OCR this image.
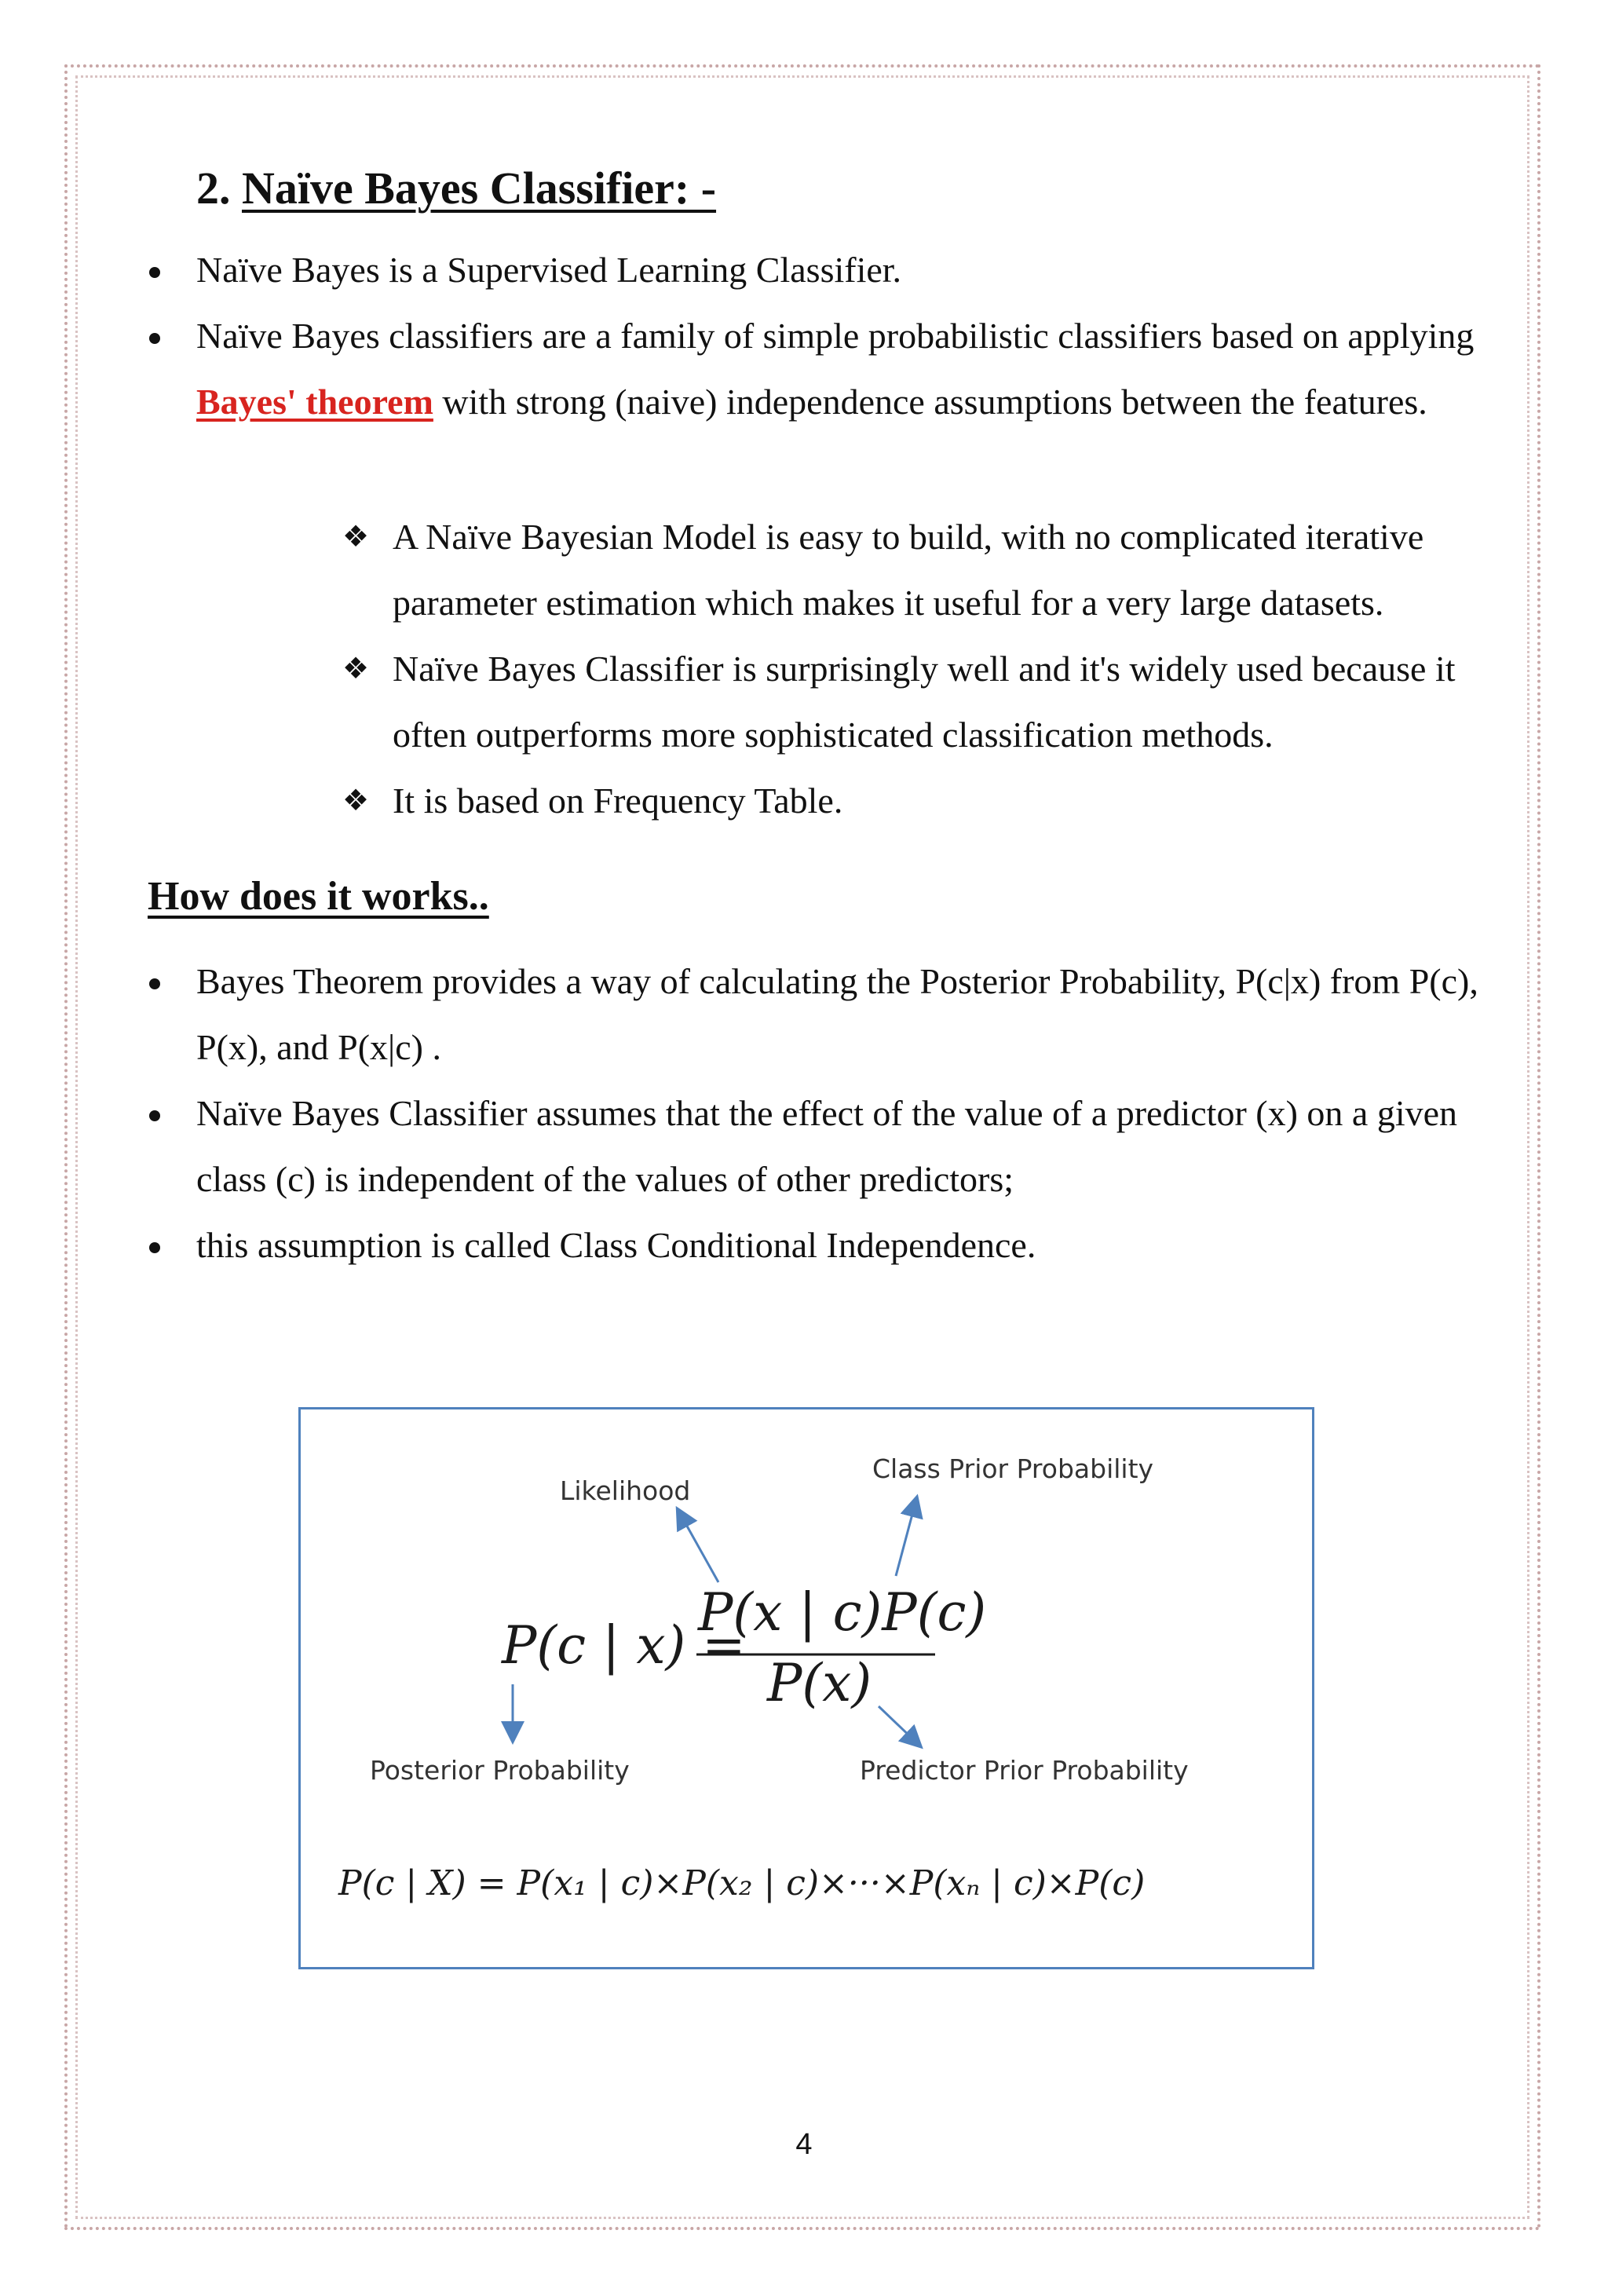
2. Naïve Bayes Classifier: -
Naïve Bayes is a Supervised Learning Classifier.
Naïve Bayes classifiers are a family of simple probabilistic classifiers based on applying Bayes' theorem with strong (naive) independence assumptions between the features.
❖ A Naïve Bayesian Model is easy to build, with no complicated iterative parameter estimation which makes it useful for a very large datasets.
❖ Naïve Bayes Classifier is surprisingly well and it's widely used because it often outperforms more sophisticated classification methods.
❖ It is based on Frequency Table.
How does it works..
Bayes Theorem provides a way of calculating the Posterior Probability, P(c|x) from P(c), P(x), and P(x|c) .
Naïve Bayes Classifier assumes that the effect of the value of a predictor (x) on a given class (c) is independent of the values of other predictors;
this assumption is called Class Conditional Independence.
Likelihood
Class Prior Probability
Posterior Probability	Predictor Prior Probability
P(c | x) =
P(x | c)P(c)
P(x)
P(c | X) = P(x₁ | c)×P(x₂ | c)×···×P(xₙ | c)×P(c)
4
